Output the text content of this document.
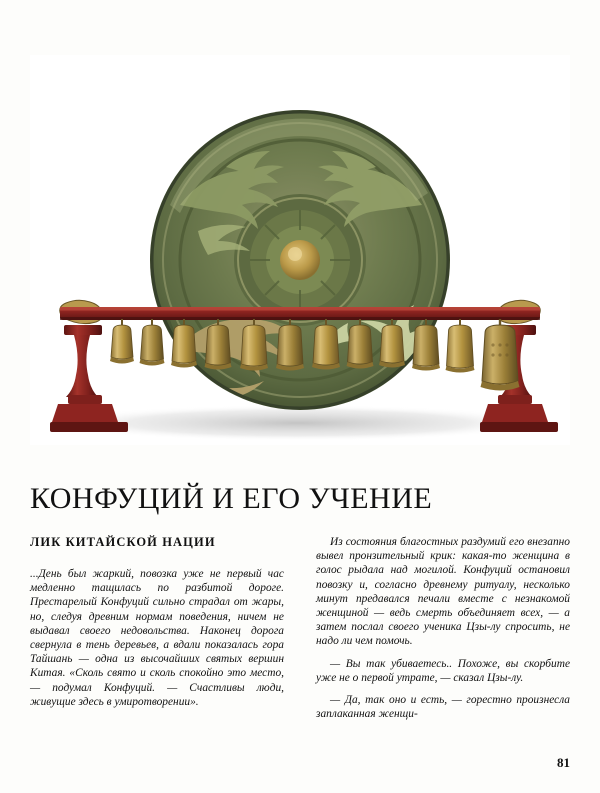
КОНФУЦИЙ И ЕГО УЧЕНИЕ
ЛИК КИТАЙСКОЙ НАЦИИ

...День был жаркий, повозка уже не первый час медленно тащилась по разбитой дороге. Престарелый Конфуций сильно страдал от жары, но, следуя древним нормам поведения, ничем не выдавал своего недовольства. Наконец дорога свернула в тень деревьев, а вдали показалась гора Тайшань — одна из высочайших святых вершин Китая. «Сколь свято и сколь спокойно это место, — подумал Конфуций. — Счастливы люди, живущие здесь в умиротворении».

Из состояния благостных раздумий его внезапно вывел пронзительный крик: какая-то женщина в голос рыдала над могилой. Конфуций остановил повозку и, согласно древнему ритуалу, несколько минут предавался печали вместе с незнакомой женщиной — ведь смерть объединяет всех, — а затем послал своего ученика Цзы-лу спросить, не надо ли чем помочь.

— Вы так убиваетесь.. Похоже, вы скорбите уже не о первой утрате, — сказал Цзы-лу.

— Да, так оно и есть, — горестно произнесла заплаканная женщи-

81
